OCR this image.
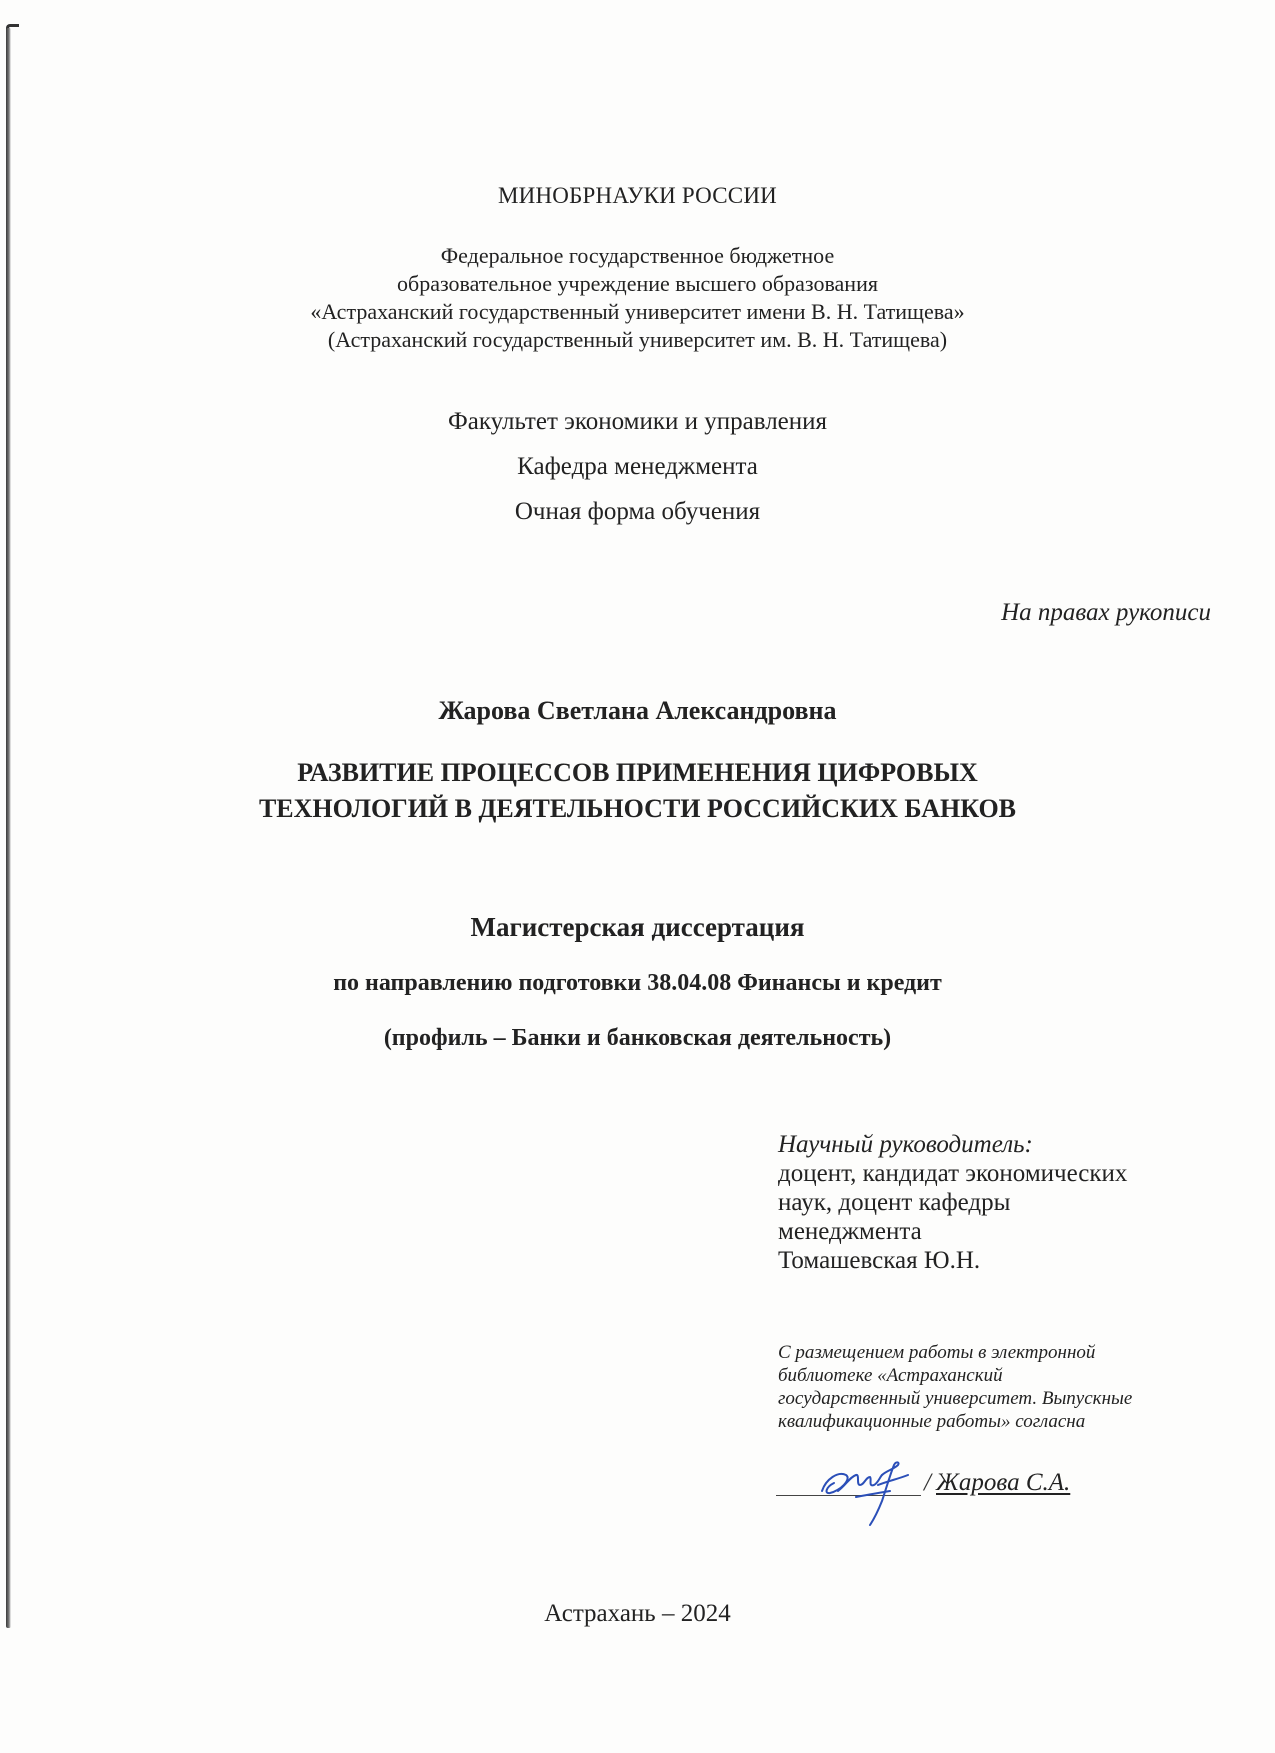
МИНОБРНАУКИ РОССИИ
Федеральное государственное бюджетное
образовательное учреждение высшего образования
«Астраханский государственный университет имени В. Н. Татищева»
(Астраханский государственный университет им. В. Н. Татищева)
Факультет экономики и управления
Кафедра менеджмента
Очная форма обучения
На правах рукописи
Жарова Светлана Александровна
РАЗВИТИЕ ПРОЦЕССОВ ПРИМЕНЕНИЯ ЦИФРОВЫХ
ТЕХНОЛОГИЙ В ДЕЯТЕЛЬНОСТИ РОССИЙСКИХ БАНКОВ
Магистерская диссертация
по направлению подготовки 38.04.08 Финансы и кредит
(профиль – Банки и банковская деятельность)
Научный руководитель:
доцент, кандидат экономических
наук, доцент кафедры
менеджмента
Томашевская Ю.Н.
С размещением работы в электронной
библиотеке «Астраханский
государственный университет. Выпускные
квалификационные работы» согласна
/ Жарова С.А.
Астрахань – 2024
